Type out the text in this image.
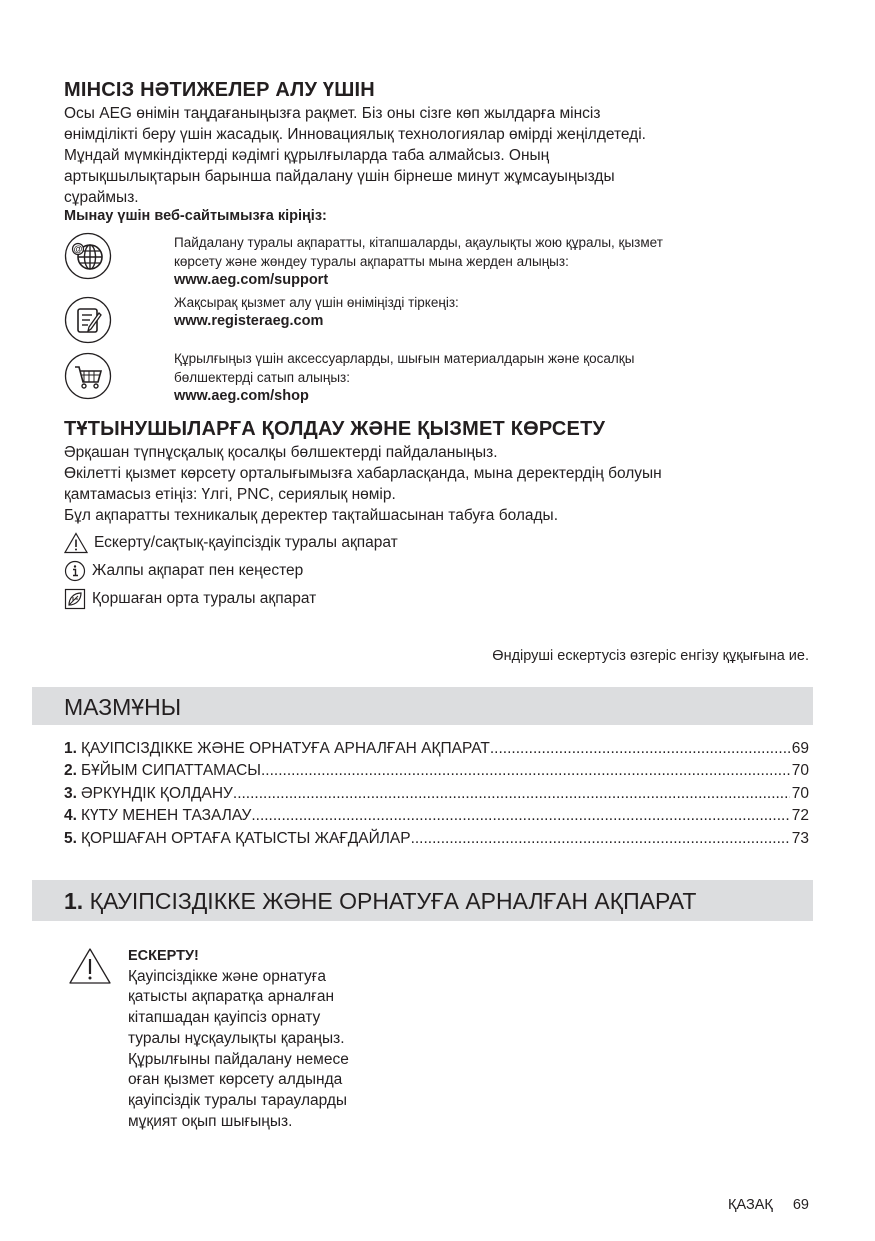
МІНСІЗ НӘТИЖЕЛЕР АЛУ ҮШІН
Осы AEG өнімін таңдағаныңызға рақмет. Біз оны сізге көп жылдарға мінсіз
өнімділікті беру үшін жасадық. Инновациялық технологиялар өмірді жеңілдетеді.
Мұндай мүмкіндіктерді кәдімгі құрылғыларда таба алмайсыз. Оның
артықшылықтарын барынша пайдалану үшін бірнеше минут жұмсауыңызды
сұраймыз.
Мынау үшін веб-сайтымызға кіріңіз:
@	Пайдалану туралы ақпаратты, кітапшаларды, ақаулықты жою құралы, қызмет
көрсету және жөндеу туралы ақпаратты мына жерден алыңыз:
www.aeg.com/support
Жақсырақ қызмет алу үшін өніміңізді тіркеңіз:
www.registeraeg.com
Құрылғыңыз үшін аксессуарларды, шығын материалдарын және қосалқы
бөлшектерді сатып алыңыз:
www.aeg.com/shop
ТҰТЫНУШЫЛАРҒА ҚОЛДАУ ЖӘНЕ ҚЫЗМЕТ КӨРСЕТУ
Әрқашан түпнұсқалық қосалқы бөлшектерді пайдаланыңыз.
Өкілетті қызмет көрсету орталығымызға хабарласқанда, мына деректердің болуын
қамтамасыз етіңіз: Үлгі, PNC, сериялық нөмір.
Бұл ақпаратты техникалық деректер тақтайшасынан табуға болады.
Ескерту/сақтық-қауіпсіздік туралы ақпарат
Жалпы ақпарат пен кеңестер
Қоршаған орта туралы ақпарат
Өндіруші ескертусіз өзгеріс енгізу құқығына ие.
МАЗМҰНЫ
1. ҚАУІПСІЗДІККЕ ЖӘНЕ ОРНАТУҒА АРНАЛҒАН АҚПАРАТ .....	69
2. БҰЙЫМ СИПАТТАМАСЫ .....	70
3. ӘРКҮНДІК ҚОЛДАНУ .....	70
4. КҮТУ МЕНЕН ТАЗАЛАУ .....	72
5. ҚОРШАҒАН ОРТАҒА ҚАТЫСТЫ ЖАҒДАЙЛАР .....	73
1. ҚАУІПСІЗДІККЕ ЖӘНЕ ОРНАТУҒА АРНАЛҒАН АҚПАРАТ
ЕСКЕРТУ!
Қауіпсіздікке және орнатуға
қатысты ақпаратқа арналған
кітапшадан қауіпсіз орнату
туралы нұсқаулықты қараңыз.
Құрылғыны пайдалану немесе
оған қызмет көрсету алдында
қауіпсіздік туралы тарауларды
мұқият оқып шығыңыз.
ҚАЗАҚ 69
